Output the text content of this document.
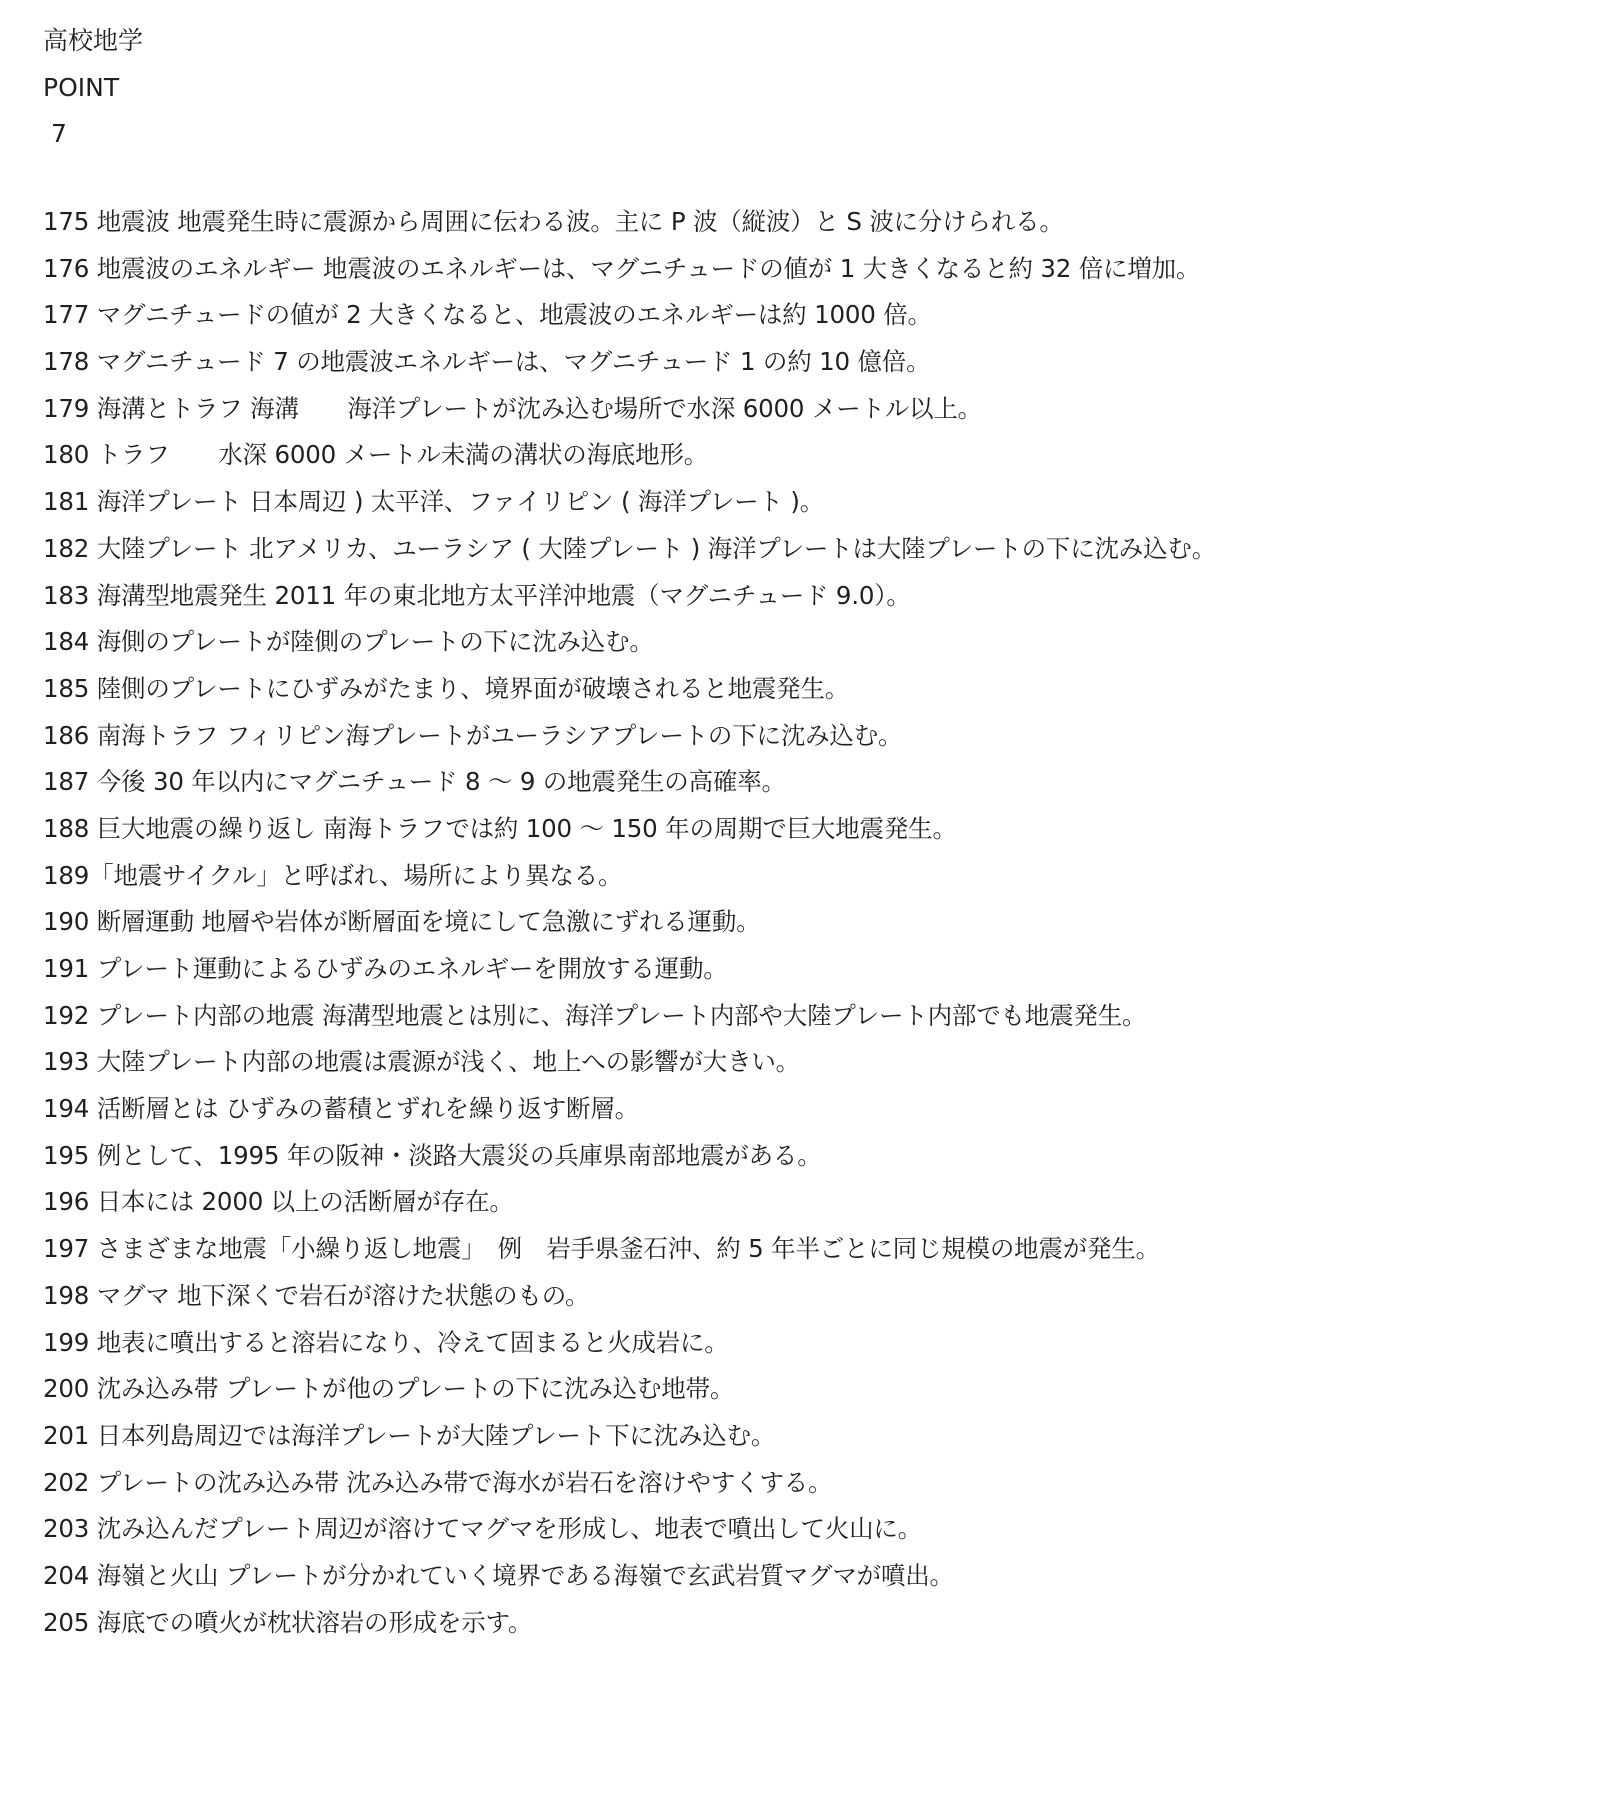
高校地学
POINT
7
175 地震波 地震発生時に震源から周囲に伝わる波。主に P 波（縦波）と S 波に分けられる。
176 地震波のエネルギー 地震波のエネルギーは、マグニチュードの値が 1 大きくなると約 32 倍に増加。
177 マグニチュードの値が 2 大きくなると、地震波のエネルギーは約 1000 倍。
178 マグニチュード 7 の地震波エネルギーは、マグニチュード 1 の約 10 億倍。
179 海溝とトラフ 海溝　　海洋プレートが沈み込む場所で水深 6000 メートル以上。
180 トラフ　　水深 6000 メートル未満の溝状の海底地形。
181 海洋プレート 日本周辺 ) 太平洋、ファイリピン ( 海洋プレート )。
182 大陸プレート 北アメリカ、ユーラシア ( 大陸プレート ) 海洋プレートは大陸プレートの下に沈み込む。
183 海溝型地震発生 2011 年の東北地方太平洋沖地震（マグニチュード 9.0）。
184 海側のプレートが陸側のプレートの下に沈み込む。
185 陸側のプレートにひずみがたまり、境界面が破壊されると地震発生。
186 南海トラフ フィリピン海プレートがユーラシアプレートの下に沈み込む。
187 今後 30 年以内にマグニチュード 8 〜 9 の地震発生の高確率。
188 巨大地震の繰り返し 南海トラフでは約 100 〜 150 年の周期で巨大地震発生。
189「地震サイクル」と呼ばれ、場所により異なる。
190 断層運動 地層や岩体が断層面を境にして急激にずれる運動。
191 プレート運動によるひずみのエネルギーを開放する運動。
192 プレート内部の地震 海溝型地震とは別に、海洋プレート内部や大陸プレート内部でも地震発生。
193 大陸プレート内部の地震は震源が浅く、地上への影響が大きい。
194 活断層とは ひずみの蓄積とずれを繰り返す断層。
195 例として、1995 年の阪神・淡路大震災の兵庫県南部地震がある。
196 日本には 2000 以上の活断層が存在。
197 さまざまな地震「小繰り返し地震」　例　岩手県釜石沖、約 5 年半ごとに同じ規模の地震が発生。
198 マグマ 地下深くで岩石が溶けた状態のもの。
199 地表に噴出すると溶岩になり、冷えて固まると火成岩に。
200 沈み込み帯 プレートが他のプレートの下に沈み込む地帯。
201 日本列島周辺では海洋プレートが大陸プレート下に沈み込む。
202 プレートの沈み込み帯 沈み込み帯で海水が岩石を溶けやすくする。
203 沈み込んだプレート周辺が溶けてマグマを形成し、地表で噴出して火山に。
204 海嶺と火山 プレートが分かれていく境界である海嶺で玄武岩質マグマが噴出。
205 海底での噴火が枕状溶岩の形成を示す。
